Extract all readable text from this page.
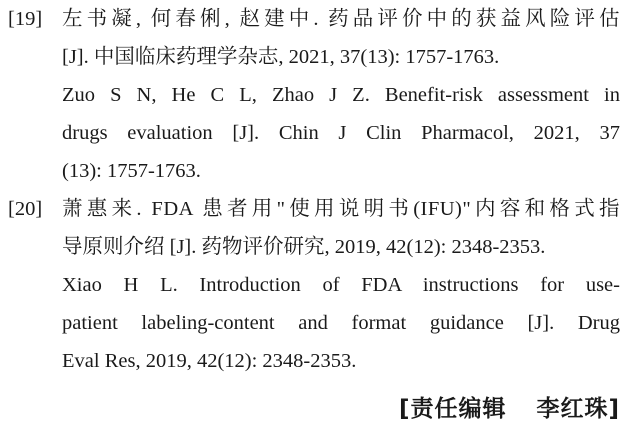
[19] 左书凝, 何春俐, 赵建中. 药品评价中的获益风险评估
[J]. 中国临床药理学杂志, 2021, 37(13): 1757-1763.
Zuo S N, He C L, Zhao J Z. Benefit-risk assessment in
drugs evaluation [J]. Chin J Clin Pharmacol, 2021, 37
(13): 1757-1763.
[20] 萧惠来. FDA 患者用"使用说明书(IFU)"内容和格式指
导原则介绍 [J]. 药物评价研究, 2019, 42(12): 2348-2353.
Xiao H L. Introduction of FDA instructions for use-
patient labeling-content and format guidance [J]. Drug
Eval Res, 2019, 42(12): 2348-2353.
[责任编辑 李红珠]
